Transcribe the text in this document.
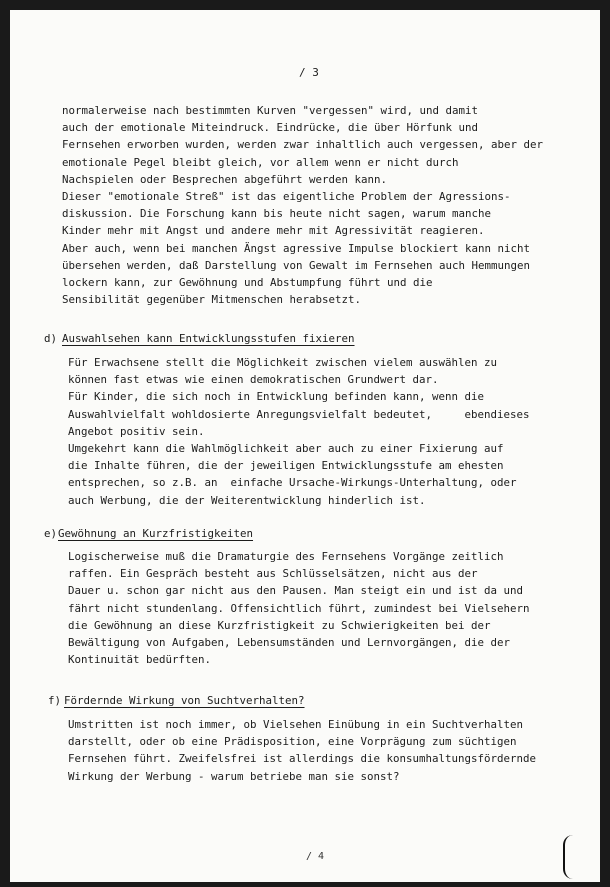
/ 3
normalerweise nach bestimmten Kurven "vergessen" wird, und damit
auch der emotionale Miteindruck. Eindrücke, die über Hörfunk und
Fernsehen erworben wurden, werden zwar inhaltlich auch vergessen, aber der
emotionale Pegel bleibt gleich, vor allem wenn er nicht durch
Nachspielen oder Besprechen abgeführt werden kann.
Dieser "emotionale Streß" ist das eigentliche Problem der Agressions-
diskussion. Die Forschung kann bis heute nicht sagen, warum manche
Kinder mehr mit Angst und andere mehr mit Agressivität reagieren.
Aber auch, wenn bei manchen Ängst agressive Impulse blockiert kann nicht
übersehen werden, daß Darstellung von Gewalt im Fernsehen auch Hemmungen
lockern kann, zur Gewöhnung und Abstumpfung führt und die
Sensibilität gegenüber Mitmenschen herabsetzt.
d) Auswahlsehen kann Entwicklungsstufen fixieren
Für Erwachsene stellt die Möglichkeit zwischen vielem auswählen zu
können fast etwas wie einen demokratischen Grundwert dar.
Für Kinder, die sich noch in Entwicklung befinden kann, wenn die
Auswahlvielfalt wohldosierte Anregungsvielfalt bedeutet,     ebendieses
Angebot positiv sein.
Umgekehrt kann die Wahlmöglichkeit aber auch zu einer Fixierung auf
die Inhalte führen, die der jeweiligen Entwicklungsstufe am ehesten
entsprechen, so z.B. an  einfache Ursache-Wirkungs-Unterhaltung, oder
auch Werbung, die der Weiterentwicklung hinderlich ist.
e) Gewöhnung an Kurzfristigkeiten
Logischerweise muß die Dramaturgie des Fernsehens Vorgänge zeitlich
raffen. Ein Gespräch besteht aus Schlüsselsätzen, nicht aus der
Dauer u. schon gar nicht aus den Pausen. Man steigt ein und ist da und
fährt nicht stundenlang. Offensichtlich führt, zumindest bei Vielsehern
die Gewöhnung an diese Kurzfristigkeit zu Schwierigkeiten bei der
Bewältigung von Aufgaben, Lebensumständen und Lernvorgängen, die der
Kontinuität bedürften.
f) Fördernde Wirkung von Suchtverhalten?
Umstritten ist noch immer, ob Vielsehen Einübung in ein Suchtverhalten
darstellt, oder ob eine Prädisposition, eine Vorprägung zum süchtigen
Fernsehen führt. Zweifelsfrei ist allerdings die konsumhaltungsfördernde
Wirkung der Werbung - warum betriebe man sie sonst?
/ 4
